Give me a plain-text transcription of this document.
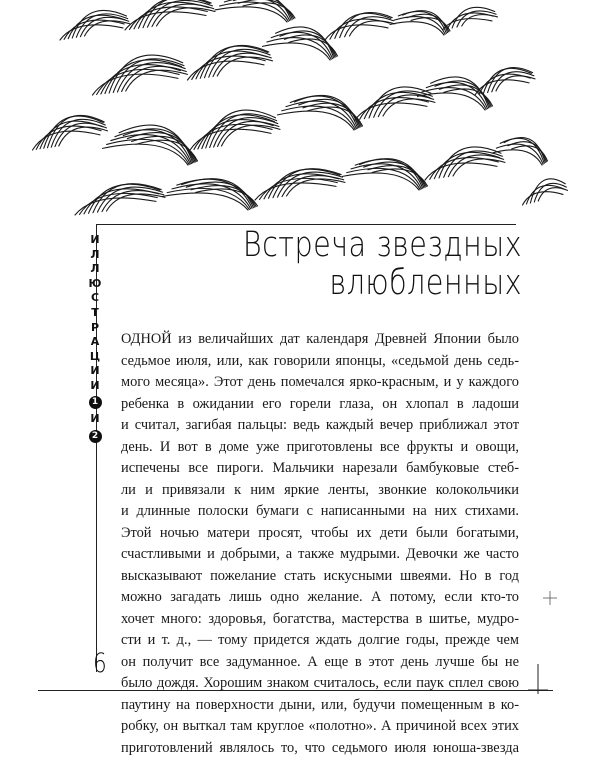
И
Л
Л
Ю
С
Т
Р
А
Ц
И
И
1
И
2
Встреча звездных
влюбленных
ОДНОЙ из величайших дат календаря Древней Японии было
седьмое июля, или, как говорили японцы, «седьмой день седь-
мого месяца». Этот день помечался ярко-красным, и у каждого
ребенка в ожидании его горели глаза, он хлопал в ладоши
и считал, загибая пальцы: ведь каждый вечер приближал этот
день. И вот в доме уже приготовлены все фрукты и овощи,
испечены все пироги. Мальчики нарезали бамбуковые стеб-
ли и привязали к ним яркие ленты, звонкие колокольчики
и длинные полоски бумаги с написанными на них стихами.
Этой ночью матери просят, чтобы их дети были богатыми,
счастливыми и добрыми, а также мудрыми. Девочки же часто
высказывают пожелание стать искусными швеями. Но в год
можно загадать лишь одно желание. А потому, если кто-то
хочет много: здоровья, богатства, мастерства в шитье, мудро-
сти и т. д., — тому придется ждать долгие годы, прежде чем
он получит все задуманное. А еще в этот день лучше бы не
было дождя. Хорошим знаком считалось, если паук сплел свою
паутину на поверхности дыни, или, будучи помещенным в ко-
робку, он выткал там круглое «полотно». А причиной всех этих
приготовлений являлось то, что седьмого июля юноша-звезда
6
